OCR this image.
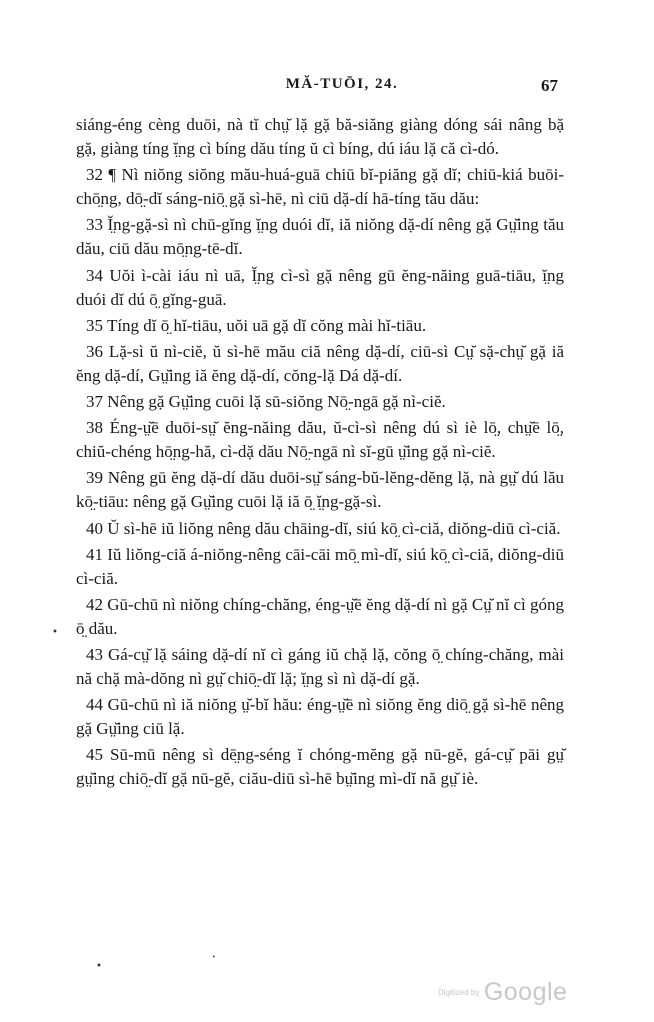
MĂ-TUŌI, 24.	67

siáng-éng cèng duōi, nà tĭ chṳ̆ lặ gặ bă-siăng giàng dóng sái nâng bặ gặ, giàng tíng ĭ̤ng cì bíng dău tíng ŭ cì bíng, dú iáu lặ că cì-dó.

32 ¶ Nì niŏng siŏng mău-huá-guā chiū bĭ-piăng gặ dĭ; chiū-kiá buōi-chō̤ng, dō̤-dĭ sáng-niō̤ gặ sì-hē, nì ciū dặ-dí hā-tíng tău dău:

33 Ĭ̤ng-gặ-sì nì chū-gĭng ĭ̤ng duói dĭ, iă niŏng dặ-dí nêng gặ Gṳ̆ing tău dău, ciū dău mō̤ng-tē-dĭ.

34 Uŏi ì-cài iáu nì uā, Ĭ̤ng cì-sì gặ nêng gū ĕng-năing guā-tiāu, ĭ̤ng duói dĭ dú ō̤ gĭng-guā.

35 Tíng dĭ ō̤ hĭ-tiāu, uŏi uā gặ dĭ cŏng mài hĭ-tiāu.

36 Lặ-sì ŭ nì-ciĕ, ŭ sì-hē mău ciă nêng dặ-dí, ciū-sì Cṳ̆ sặ-chṳ̆ gặ iă ĕng dặ-dí, Gṳ̆ing iă ĕng dặ-dí, cŏng-lặ Dá dặ-dí.

37 Nêng gặ Gṳ̆ing cuōi lặ sū-siŏng Nō̤-ngā gặ nì-ciĕ.

38 Éng-ṳ̆ē duōi-sṳ̆ ĕng-năing dău, ŭ-cì-sì nêng dú sì iè lō̤, chṳ̆ē lō̤, chiŭ-chéng hō̤ng-hă, cì-dặ dău Nō̤-ngā nì sĭ-gū ṳ̆ing gặ nì-ciĕ.

39 Nêng gū ĕng dặ-dí dău duōi-sṳ̆ sáng-bŭ-lĕng-dĕng lặ, nà gṳ̆ dú lău kō̤-tiāu: nêng gặ Gṳ̆ing cuōi lặ iă ō̤ ĭ̤ng-gặ-sì.

40 Ŭ sì-hē iŭ liŏng nêng dău chāing-dĭ, siú kō̤ cì-ciă, diŏng-diū cì-ciă.

41 Iŭ liŏng-ciă á-niŏng-nêng cāi-cāi mō̤ mì-dĭ, siú kō̤ cì-ciă, diŏng-diū cì-ciă.

42 Gū-chū nì niŏng chíng-chăng, éng-ṳ̆ē ĕng dặ-dí nì gặ Cṳ̆ nĭ cì góng ō̤ dău.

43 Gá-cṳ̆ lặ sáing dặ-dí nĭ cì gáng iŭ chặ lặ, cŏng ō̤ chíng-chăng, mài nă chặ mà-dŏng nì gṳ̆ chiō̤-dĭ lặ; ĭ̤ng sì nì dặ-dí gặ.

44 Gū-chū nì iă niŏng ṳ̆-bĭ hău: éng-ṳ̆ē nì siŏng ĕng diō̤ gặ sì-hē nêng gặ Gṳ̆ing ciū lặ.

45 Sū-mū nêng sì dē̤ng-séng ĭ chóng-mĕng gặ nū-gĕ, gá-cṳ̆ pāi gṳ̆ gṳ̆ing chiō̤-dĭ gặ nū-gĕ, ciău-diū sì-hē bṳ̆ing mì-dĭ nă gṳ̆ iè.

•
•
•
Digitized by Google
